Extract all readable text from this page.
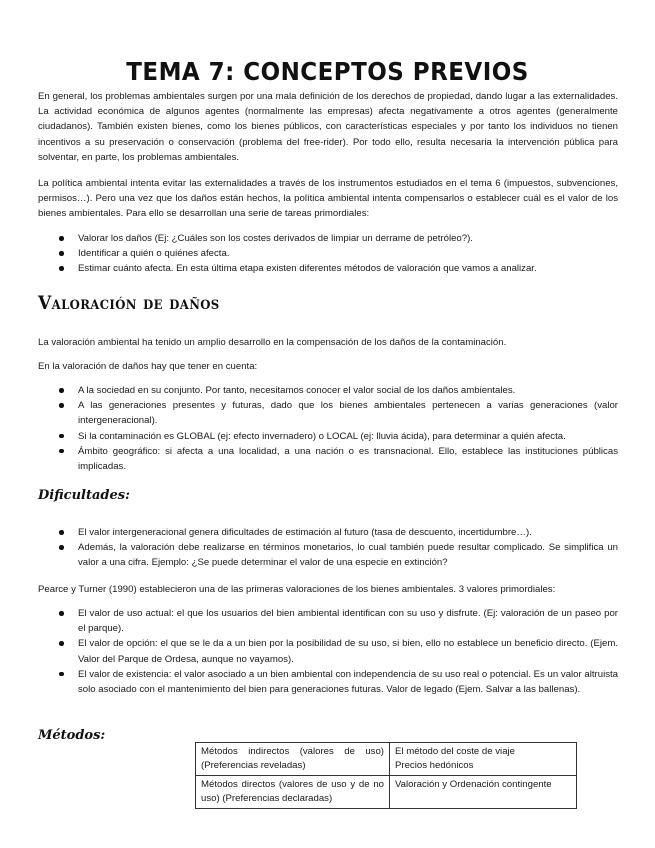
TEMA 7: CONCEPTOS PREVIOS

En general, los problemas ambientales surgen por una mala definición de los derechos de propiedad, dando lugar a las externalidades. La actividad económica de algunos agentes (normalmente las empresas) afecta negativamente a otros agentes (generalmente ciudadanos). También existen bienes, como los bienes públicos, con características especiales y por tanto los individuos no tienen incentivos a su preservación o conservación (problema del free-rider). Por todo ello, resulta necesaria la intervención pública para solventar, en parte, los problemas ambientales.

La política ambiental intenta evitar las externalidades a través de los instrumentos estudiados en el tema 6 (impuestos, subvenciones, permisos…). Pero una vez que los daños están hechos, la política ambiental intenta compensarlos o establecer cuál es el valor de los bienes ambientales. Para ello se desarrollan una serie de tareas primordiales:

Valorar los daños (Ej: ¿Cuáles son los costes derivados de limpiar un derrame de petróleo?).
Identificar a quién o quiénes afecta.
Estimar cuánto afecta. En esta última etapa existen diferentes métodos de valoración que vamos a analizar.
Valoración de daños

La valoración ambiental ha tenido un amplio desarrollo en la compensación de los daños de la contaminación.

En la valoración de daños hay que tener en cuenta:

A la sociedad en su conjunto. Por tanto, necesitamos conocer el valor social de los daños ambientales.
A las generaciones presentes y futuras, dado que los bienes ambientales pertenecen a varias generaciones (valor intergeneracional).
Si la contaminación es GLOBAL (ej: efecto invernadero) o LOCAL (ej: lluvia ácida), para determinar a quién afecta.
Ámbito geográfico: si afecta a una localidad, a una nación o es transnacional. Ello, establece las instituciones públicas implicadas.
Dificultades:
El valor intergeneracional genera dificultades de estimación al futuro (tasa de descuento, incertidumbre…).
Además, la valoración debe realizarse en términos monetarios, lo cual también puede resultar complicado. Se simplifica un valor a una cifra. Ejemplo: ¿Se puede determinar el valor de una especie en extinción?

Pearce y Turner (1990) establecieron una de las primeras valoraciones de los bienes ambientales. 3 valores primordiales:

El valor de uso actual: el que los usuarios del bien ambiental identifican con su uso y disfrute. (Ej: valoración de un paseo por el parque).
El valor de opción: el que se le da a un bien por la posibilidad de su uso, si bien, ello no establece un beneficio directo. (Ejem. Valor del Parque de Ordesa, aunque no vayamos).
El valor de existencia: el valor asociado a un bien ambiental con independencia de su uso real o potencial. Es un valor altruista solo asociado con el mantenimiento del bien para generaciones futuras. Valor de legado (Ejem. Salvar a las ballenas).
Métodos:
Métodos indirectos (valores de uso) (Preferencias reveladas)	El método del coste de viaje
Precios hedónicos

Métodos directos (valores de uso y de no uso) (Preferencias declaradas)	Valoración y Ordenación contingente
